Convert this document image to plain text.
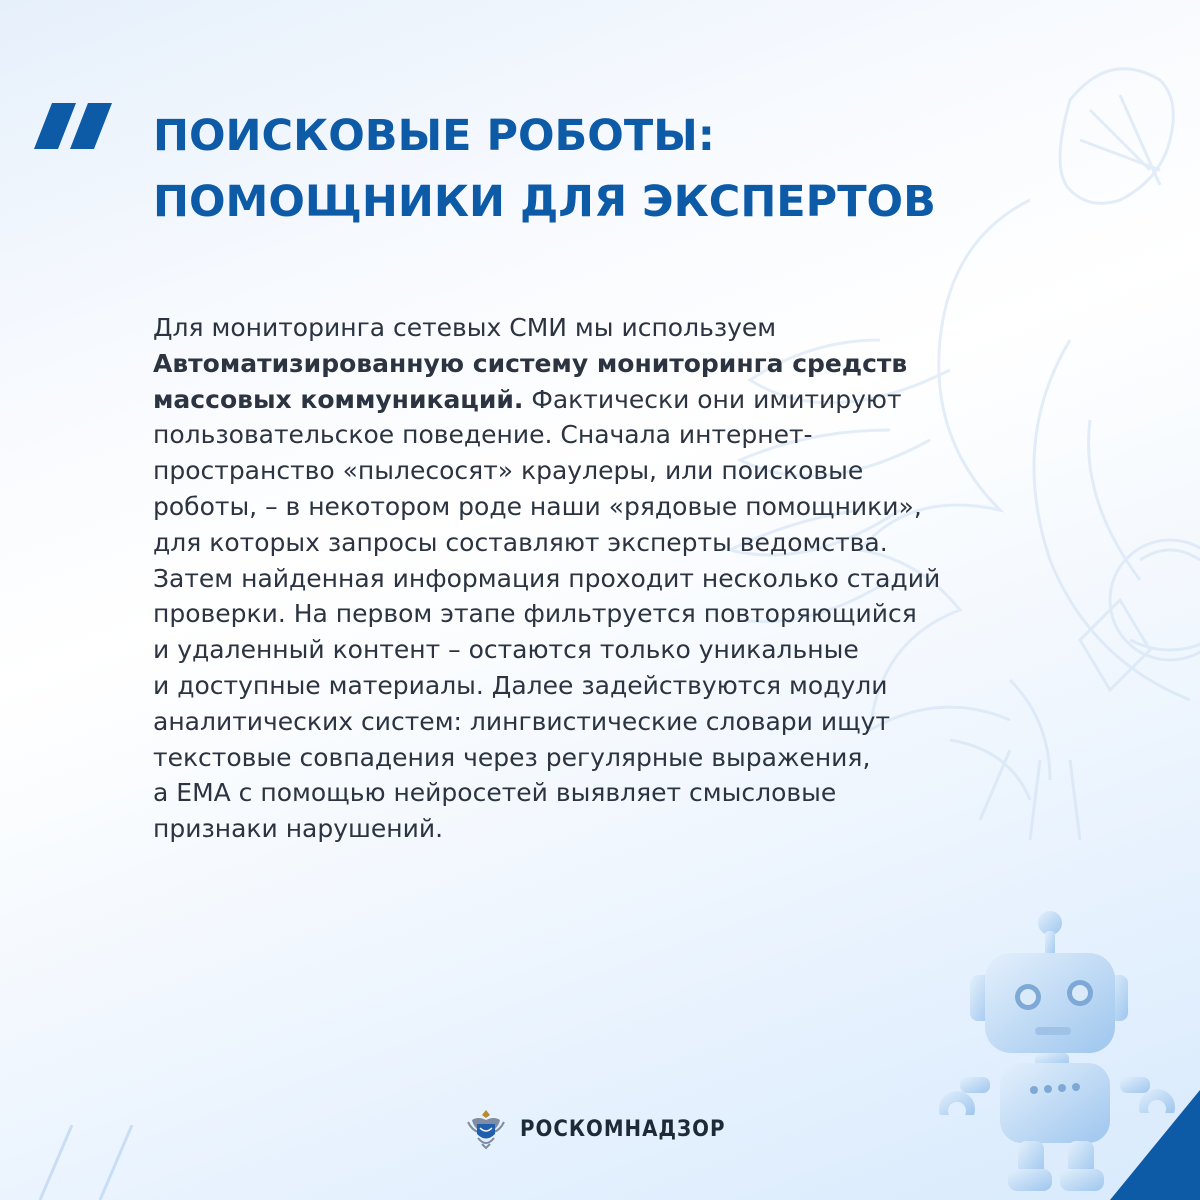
ПОИСКОВЫЕ РОБОТЫ:
ПОМОЩНИКИ ДЛЯ ЭКСПЕРТОВ
Для мониторинга сетевых СМИ мы используем
Автоматизированную систему мониторинга средств
массовых коммуникаций. Фактически они имитируют
пользовательское поведение. Сначала интернет-
пространство «пылесосят» краулеры, или поисковые
роботы, – в некотором роде наши «рядовые помощники»,
для которых запросы составляют эксперты ведомства.
Затем найденная информация проходит несколько стадий
проверки. На первом этапе фильтруется повторяющийся
и удаленный контент – остаются только уникальные
и доступные материалы. Далее задействуются модули
аналитических систем: лингвистические словари ищут
текстовые совпадения через регулярные выражения,
а ЕМА с помощью нейросетей выявляет смысловые
признаки нарушений.
РОСКОМНАДЗОР
